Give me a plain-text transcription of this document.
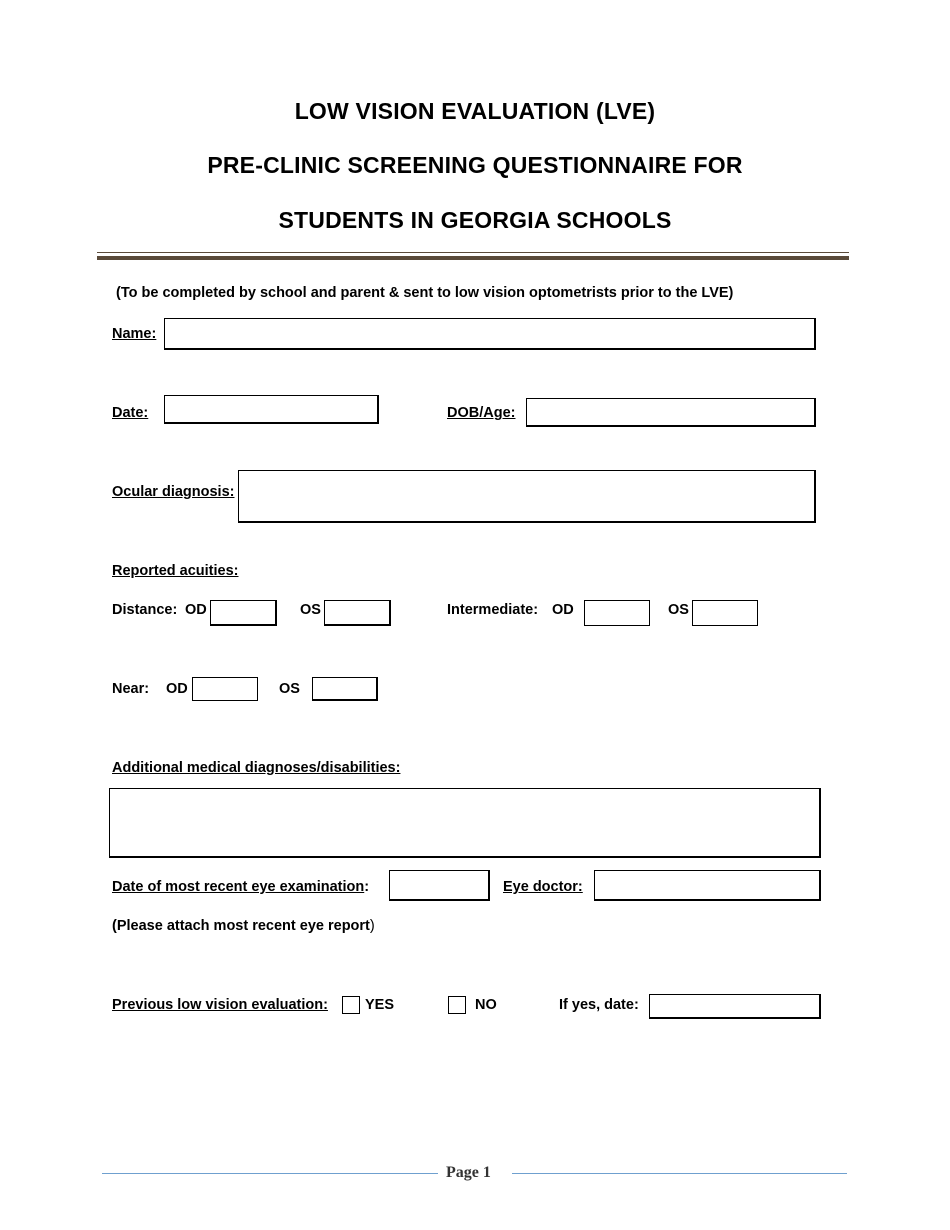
LOW VISION EVALUATION (LVE)
PRE-CLINIC SCREENING QUESTIONNAIRE FOR
STUDENTS IN GEORGIA SCHOOLS
(To be completed by school and parent & sent to low vision optometrists prior to the LVE)
Name:
Date:	DOB/Age:
Ocular diagnosis:
Reported acuities:
Distance: OD	OS	Intermediate: OD	OS
Near: OD	OS
Additional medical diagnoses/disabilities:
Date of most recent eye examination:	Eye doctor:
(Please attach most recent eye report)
Previous low vision evaluation:	YES	NO	If yes, date:
Page 1
